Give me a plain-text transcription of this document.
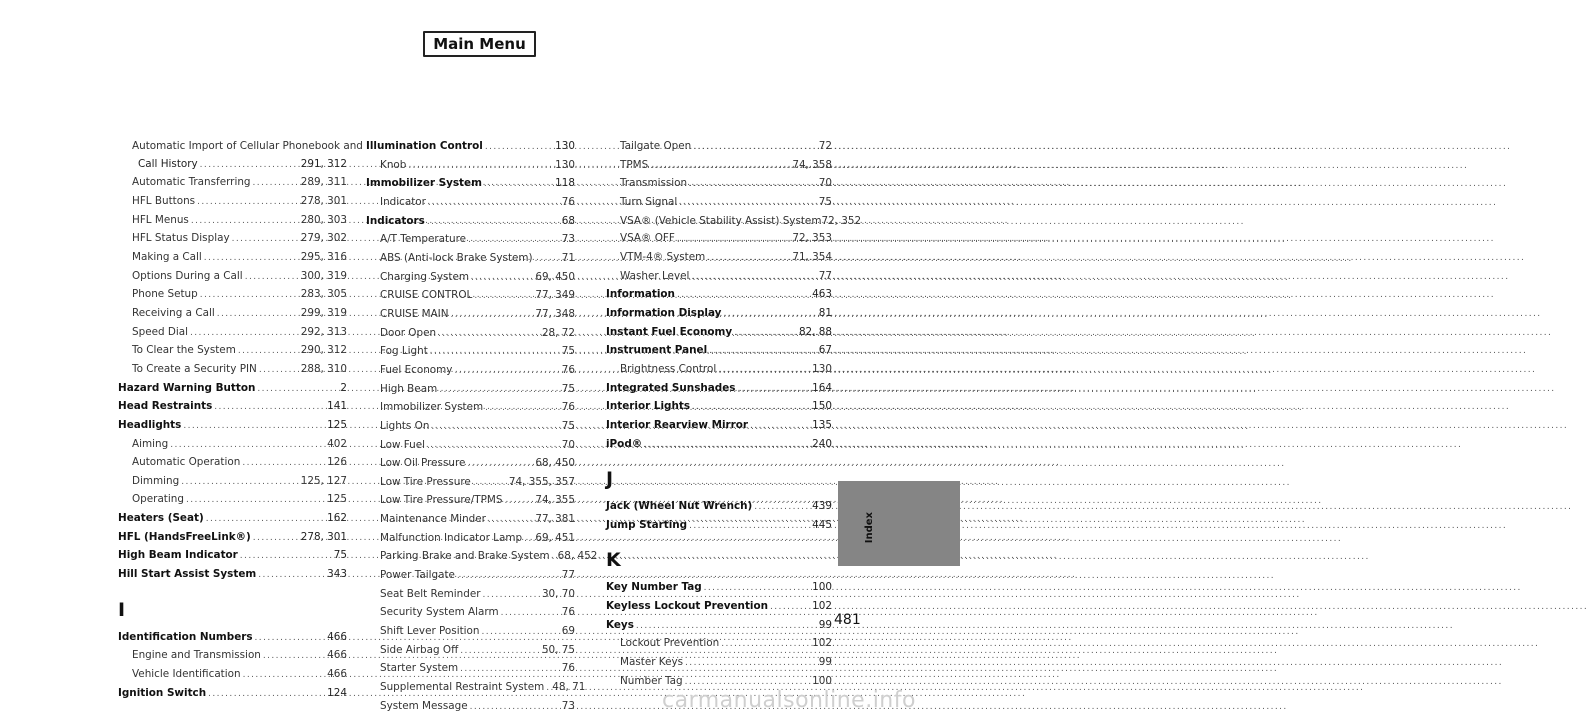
Main Menu
Automatic Import of Cellular Phonebook and
Call History .....	291, 312
Automatic Transferring .....	289, 311
HFL Buttons .....	278, 301
HFL Menus .....	280, 303
HFL Status Display .....	279, 302
Making a Call .....	295, 316
Options During a Call .....	300, 319
Phone Setup .....	283, 305
Receiving a Call .....	299, 319
Speed Dial .....	292, 313
To Clear the System .....	290, 312
To Create a Security PIN .....	288, 310
Hazard Warning Button .....	2
Head Restraints .....	141
Headlights .....	125
Aiming .....	402
Automatic Operation .....	126
Dimming .....	125, 127
Operating .....	125
Heaters (Seat) .....	162
HFL (HandsFreeLink®) .....	278, 301
High Beam Indicator .....	75
Hill Start Assist System .....	343
I
Identification Numbers .....	466
Engine and Transmission .....	466
Vehicle Identification .....	466
Ignition Switch .....	124
Illumination Control .....	130
Knob .....	130
Immobilizer System .....	118
Indicator .....	76
Indicators .....	68
A/T Temperature .....	73
ABS (Anti-lock Brake System) .....	71
Charging System .....	69, 450
CRUISE CONTROL .....	77, 349
CRUISE MAIN .....	77, 348
Door Open .....	28, 72
Fog Light .....	75
Fuel Economy .....	76
High Beam .....	75
Immobilizer System .....	76
Lights On .....	75
Low Fuel .....	70
Low Oil Pressure .....	68, 450
Low Tire Pressure .....	74, 355, 357
Low Tire Pressure/TPMS .....	74, 355
Maintenance Minder .....	77, 381
Malfunction Indicator Lamp ..... 69, 451
Parking Brake and Brake System ..... 68, 452
Power Tailgate .....	77
Seat Belt Reminder .....	30, 70
Security System Alarm .....	76
Shift Lever Position .....	69
Side Airbag Off .....	50, 75
Starter System .....	76
Supplemental Restraint System ..... 48, 71
System Message .....	73
Tailgate Open .....	72
TPMS .....	74, 358
Transmission .....	70
Turn Signal .....	75
VSA® (Vehicle Stability Assist) System 72, 352
VSA® OFF .....	72, 353
VTM-4® System .....	71, 354
Washer Level .....	77
Information .....	463
Information Display .....	81
Instant Fuel Economy .....	82, 88
Instrument Panel .....	67
Brightness Control .....	130
Integrated Sunshades .....	164
Interior Lights .....	150
Interior Rearview Mirror .....	135
iPod® .....	240
J
Jack (Wheel Nut Wrench) .....	439
Jump Starting .....	445
K
Key Number Tag .....	100
Keyless Lockout Prevention .....	102
Keys .....	99
Lockout Prevention .....	102
Master Keys .....	99
Number Tag .....	100
Index
481
carmanualsonline.info
